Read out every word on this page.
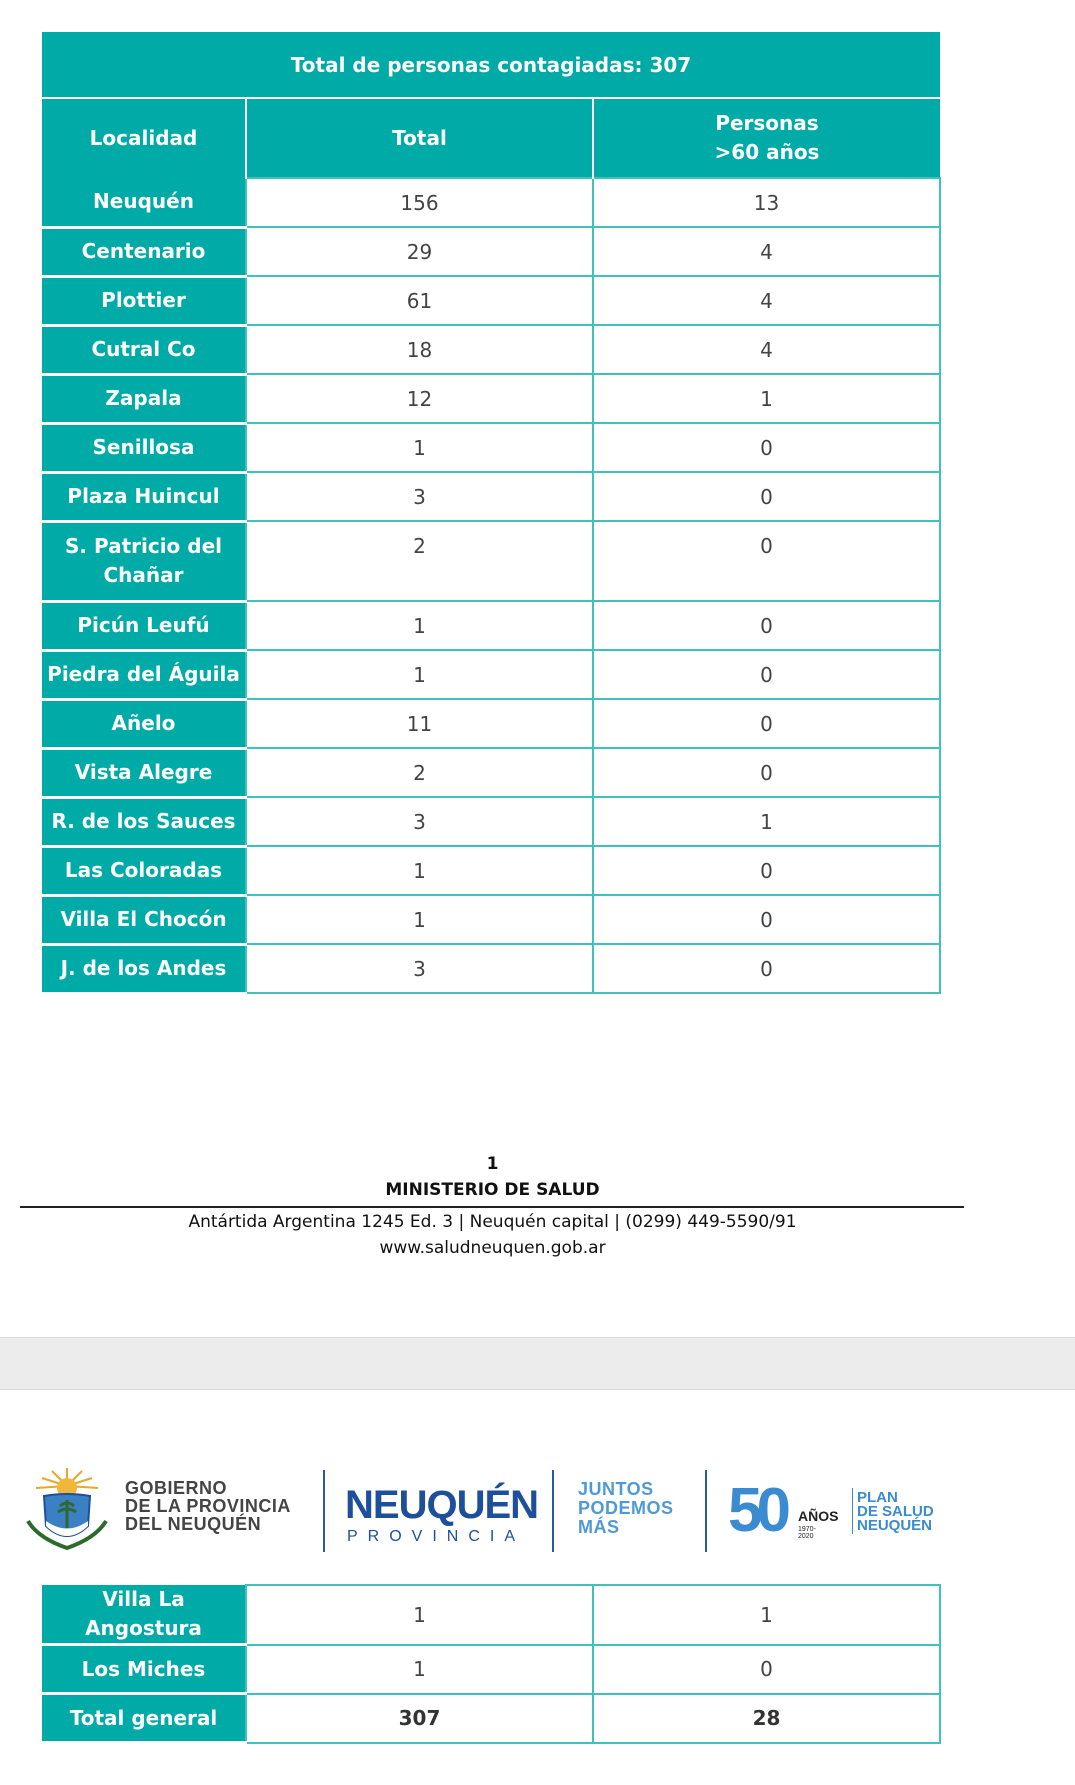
Total de personas contagiadas: 307		
Localidad	Total	Personas
>60 años

Neuquén	156	13
Centenario	29	4
Plottier	61	4
Cutral Co	18	4
Zapala	12	1
Senillosa	1	0
Plaza Huincul	3	0
S. Patricio del Chañar	2	0
Picún Leufú	1	0
Piedra del Águila	1	0
Añelo	11	0
Vista Alegre	2	0
R. de los Sauces	3	1
Las Coloradas	1	0
Villa El Chocón	1	0
J. de los Andes	3	0
1
MINISTERIO DE SALUD
Antártida Argentina 1245 Ed. 3 | Neuquén capital | (0299) 449-5590/91
www.saludneuquen.gob.ar
GOBIERNO
DE LA PROVINCIA
DEL NEUQUÉN	NEUQUÉN
PROVINCIA
JUNTOS
PODEMOS
MÁS	50 AÑOS
1970-2020
PLAN
DE SALUD
NEUQUÉN
Villa La Angostura	1	1
Los Miches	1	0
Total general	307	28
